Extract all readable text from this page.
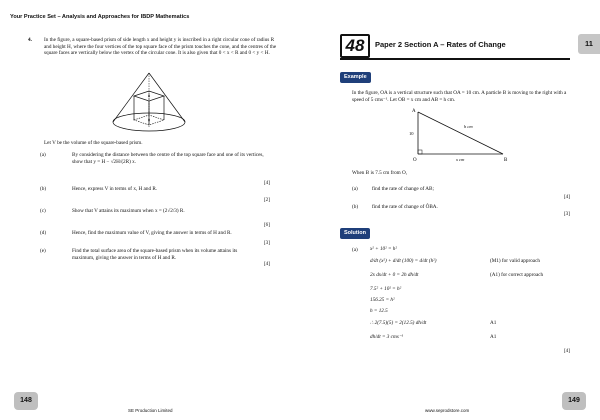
Your Practice Set – Analysis and Approaches for IBDP Mathematics
4. In the figure, a square-based prism of side length x and height y is inscribed in a right circular cone of radius R and height H, where the four vertices of the top square face of the prism touches the cone, and the centres of the square faces are vertically below the vertex of the circular cone. It is also given that 0 < x < R and 0 < y < H.
Let V be the volume of the square-based prism.
(a)	By considering the distance between the centre of the top square face and one of its vertices, show that y = H − √2H/(2R) x.
[4]
(b)	Hence, express V in terms of x, H and R.
[2]
(c)	Show that V attains its maximum when x = (2√2/3) R.
[6]
(d)	Hence, find the maximum value of V, giving the answer in terms of H and R.
[3]
(e)	Find the total surface area of the square-based prism when its volume attains its maximum, giving the answer in terms of H and R.
[4]
148
SE Production Limited
48	Paper 2 Section A – Rates of Change	11
Example
In the figure, OA is a vertical structure such that OA = 10 cm. A particle B is moving to the right with a speed of 5 cms⁻¹. Let OB = x cm and AB = h cm.
A
B
O
10
h cm
x cm
When B is 7.5 cm from O,
(a)	find the rate of change of AB;
[4]
(b)	find the rate of change of ÔBA.
[3]
Solution
(a) x² + 10² = h²
d/dt (x²) + d/dt (100) = d/dt (h²)	(M1) for valid approach
2x dx/dt + 0 = 2h dh/dt	(A1) for correct approach
7.5² + 10² = h²
156.25 = h²
h = 12.5
∴ 2(7.5)(5) = 2(12.5) dh/dt	A1
dh/dt = 3 cms⁻¹	A1
[4]
www.seprodstore.com
149
